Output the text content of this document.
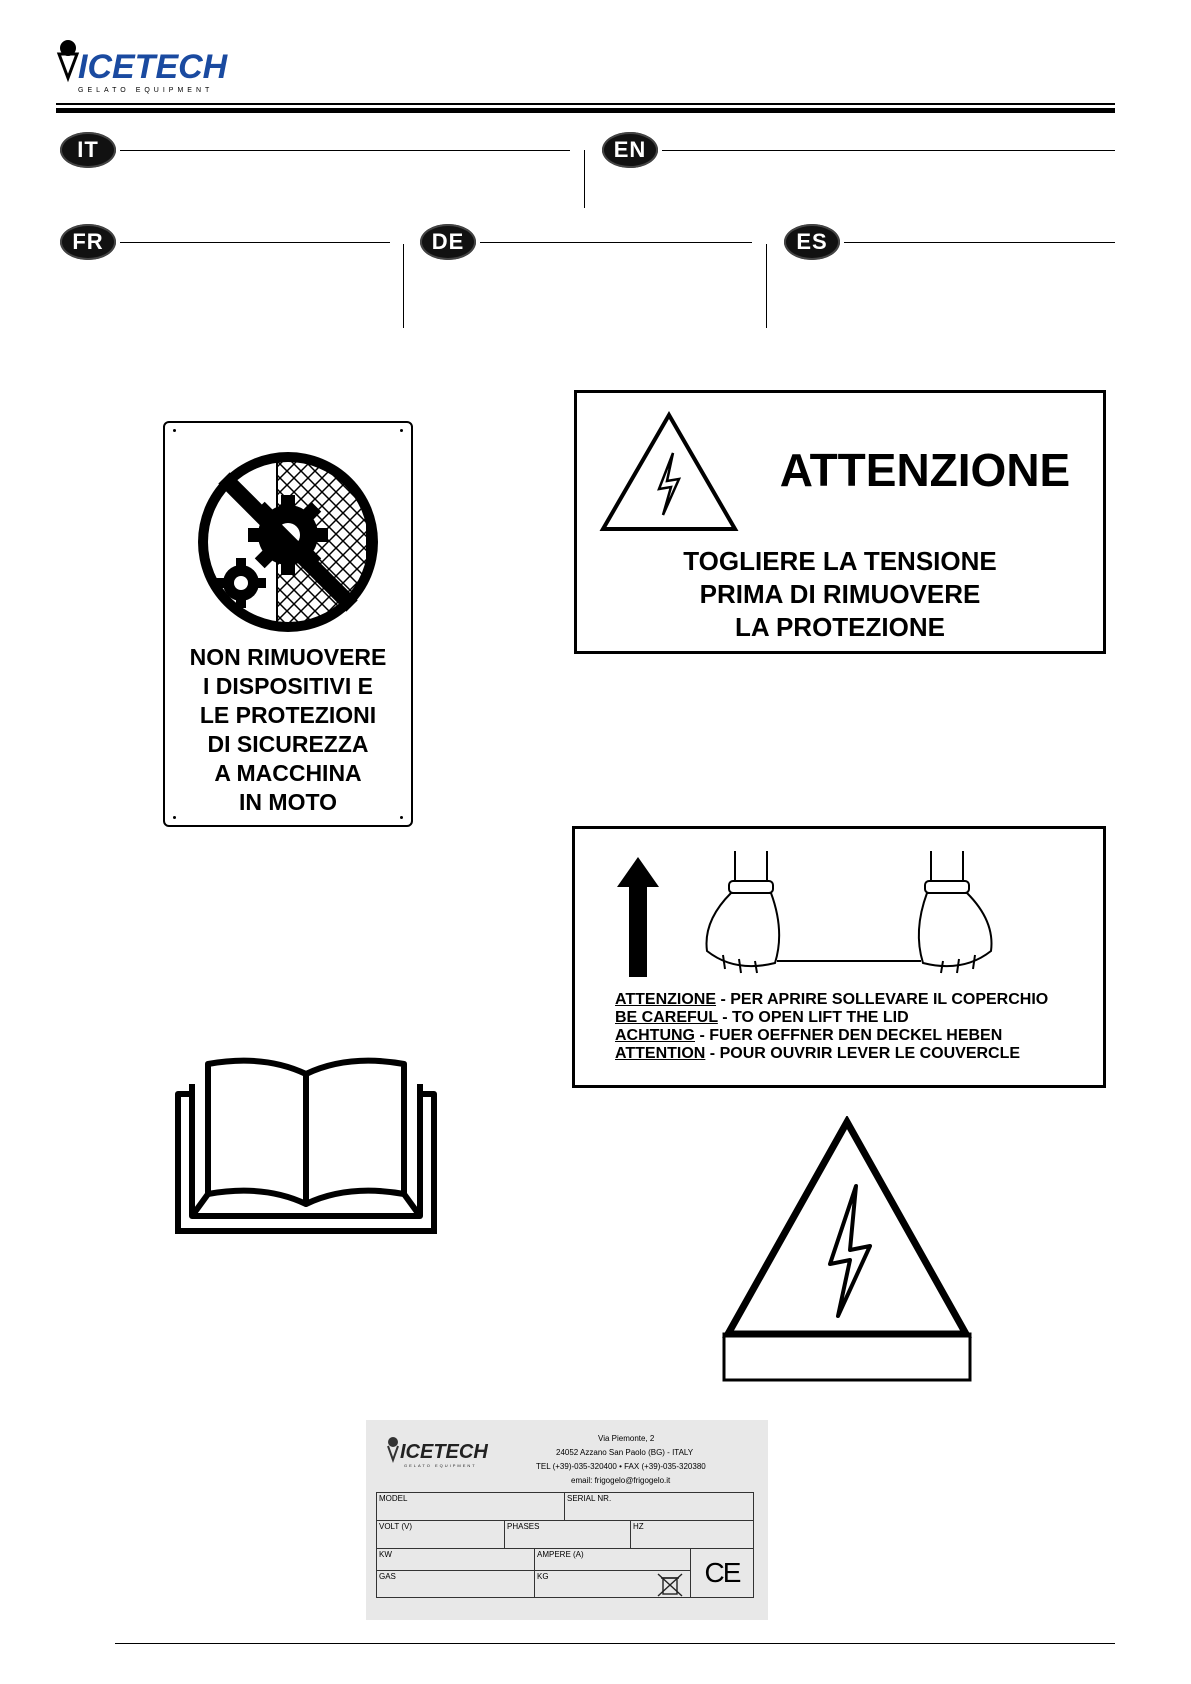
ICETECH
GELATO EQUIPMENT
IT	EN
FR	DE	ES
NON RIMUOVERE
I DISPOSITIVI E
LE PROTEZIONI
DI SICUREZZA
A MACCHINA
IN MOTO
ATTENZIONE
TOGLIERE LA TENSIONE
PRIMA DI RIMUOVERE
LA PROTEZIONE
ATTENZIONE - PER APRIRE SOLLEVARE IL COPERCHIO
BE CAREFUL - TO OPEN LIFT THE LID
ACHTUNG - FUER OEFFNER DEN DECKEL HEBEN
ATTENTION - POUR OUVRIR LEVER LE COUVERCLE
ICETECH
GELATO EQUIPMENT
Via Piemonte, 2
24052 Azzano San Paolo (BG) - ITALY
TEL (+39)-035-320400 • FAX (+39)-035-320380
email: frigogelo@frigogelo.it
MODEL	SERIAL NR.
VOLT (V)	PHASES	HZ
KW	AMPERE (A)
GAS	KG	CE
